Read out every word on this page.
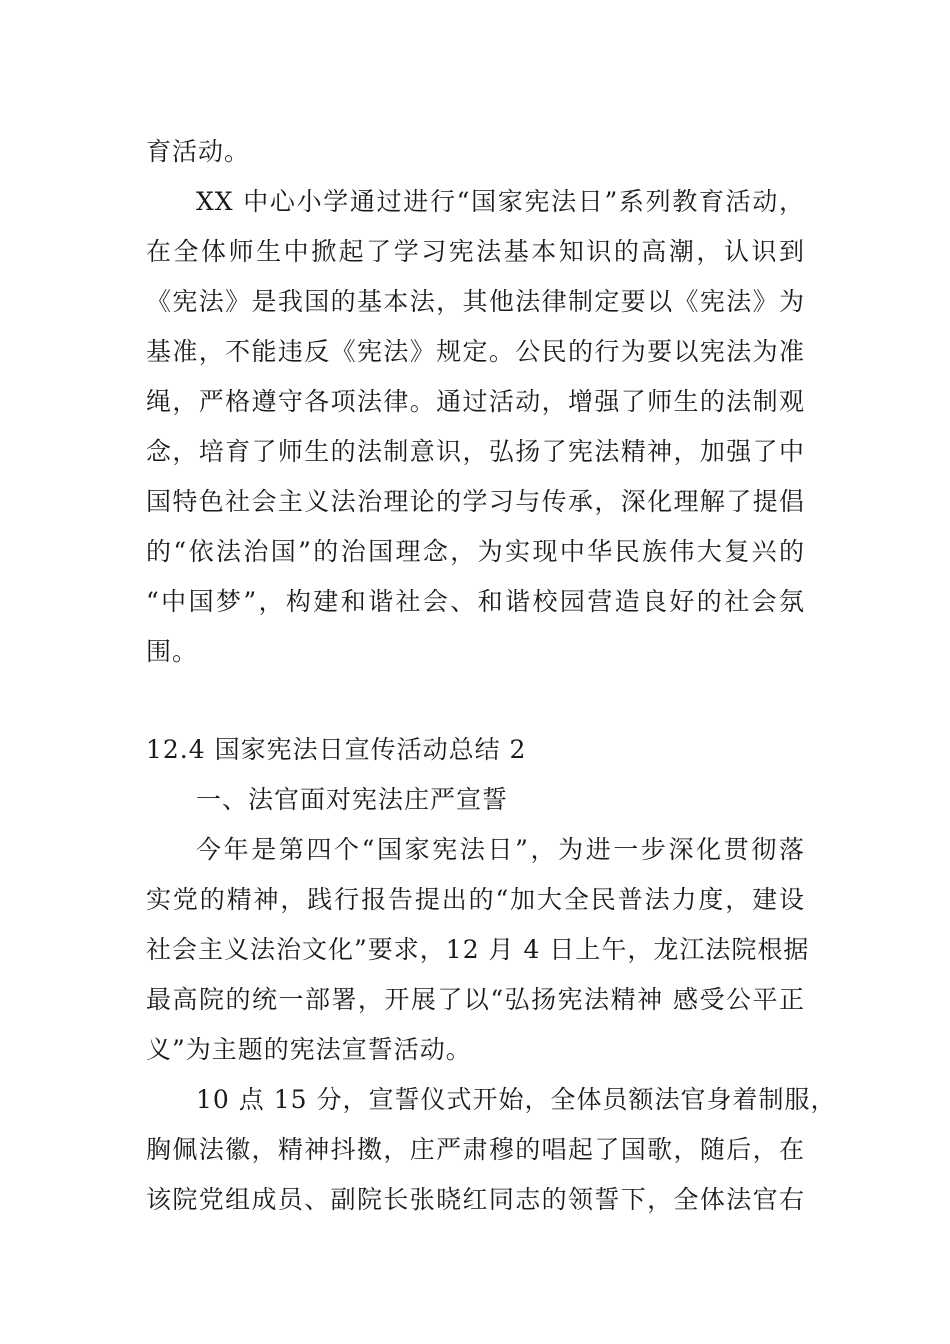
育活动。
XX 中心小学通过进行“国家宪法日”系列教育活动，
在全体师生中掀起了学习宪法基本知识的高潮，认识到
《宪法》是我国的基本法，其他法律制定要以《宪法》为
基准，不能违反《宪法》规定。公民的行为要以宪法为准
绳，严格遵守各项法律。通过活动，增强了师生的法制观
念，培育了师生的法制意识，弘扬了宪法精神，加强了中
国特色社会主义法治理论的学习与传承，深化理解了提倡
的“依法治国”的治国理念，为实现中华民族伟大复兴的
“中国梦”，构建和谐社会、和谐校园营造良好的社会氛
围。
12.4 国家宪法日宣传活动总结 2
一、法官面对宪法庄严宣誓
今年是第四个“国家宪法日”，为进一步深化贯彻落
实党的精神，践行报告提出的“加大全民普法力度，建设
社会主义法治文化”要求，12 月 4 日上午，龙江法院根据
最高院的统一部署，开展了以“弘扬宪法精神 感受公平正
义”为主题的宪法宣誓活动。
10 点 15 分，宣誓仪式开始，全体员额法官身着制服，
胸佩法徽，精神抖擞，庄严肃穆的唱起了国歌，随后，在
该院党组成员、副院长张晓红同志的领誓下，全体法官右
